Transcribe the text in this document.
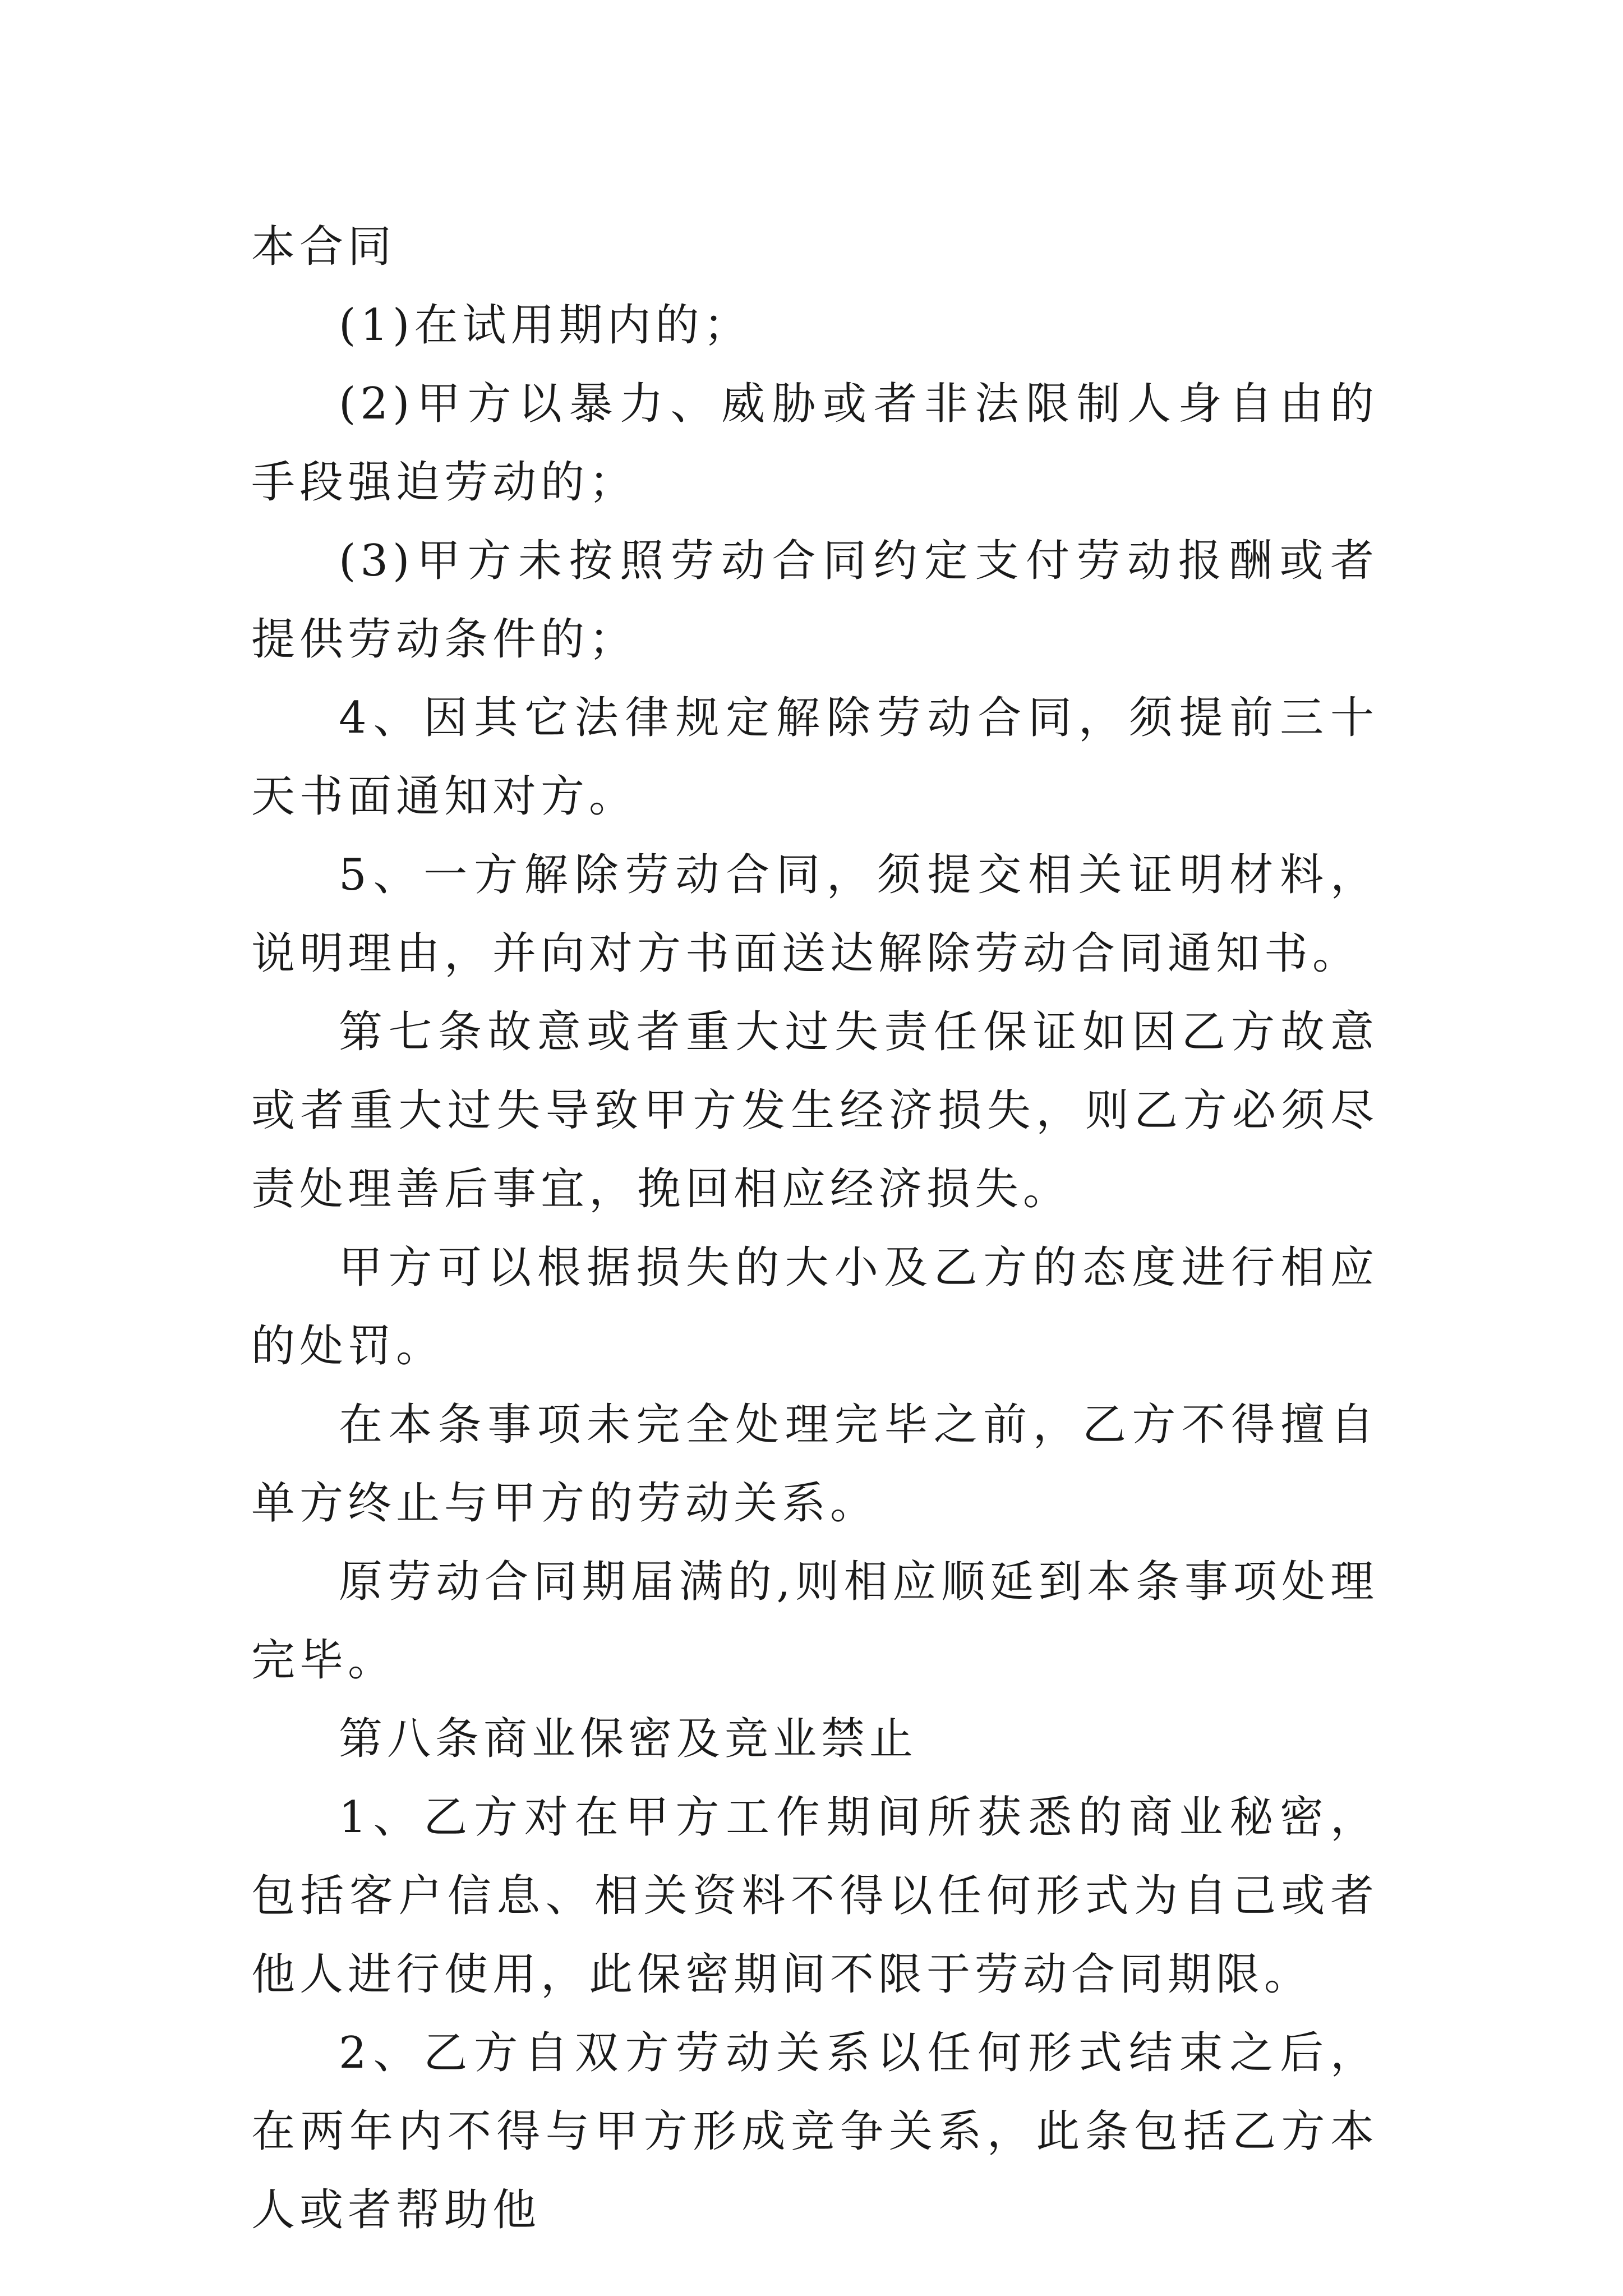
本合同

(1)在试用期内的；

(2)甲方以暴力、威胁或者非法限制人身自由的手段强迫劳动的；

(3)甲方未按照劳动合同约定支付劳动报酬或者提供劳动条件的；

4、因其它法律规定解除劳动合同，须提前三十天书面通知对方。

5、一方解除劳动合同，须提交相关证明材料，说明理由，并向对方书面送达解除劳动合同通知书。

第七条故意或者重大过失责任保证如因乙方故意或者重大过失导致甲方发生经济损失，则乙方必须尽责处理善后事宜，挽回相应经济损失。

甲方可以根据损失的大小及乙方的态度进行相应的处罚。

在本条事项未完全处理完毕之前，乙方不得擅自单方终止与甲方的劳动关系。

原劳动合同期届满的,则相应顺延到本条事项处理完毕。

第八条商业保密及竞业禁止

1、乙方对在甲方工作期间所获悉的商业秘密，包括客户信息、相关资料不得以任何形式为自己或者他人进行使用，此保密期间不限于劳动合同期限。

2、乙方自双方劳动关系以任何形式结束之后，在两年内不得与甲方形成竞争关系，此条包括乙方本人或者帮助他
